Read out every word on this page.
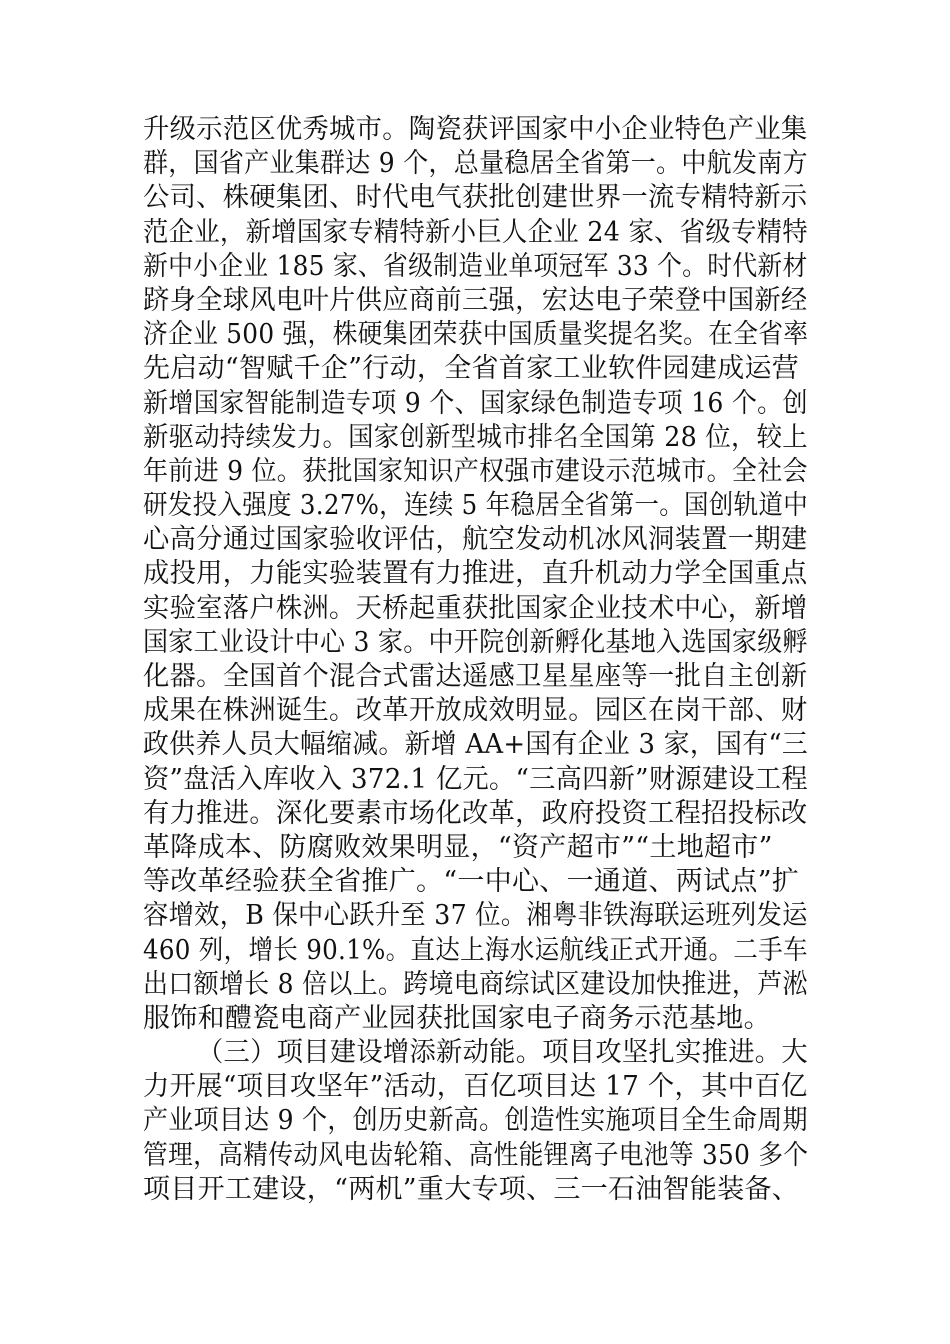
升级示范区优秀城市。陶瓷获评国家中小企业特色产业集
群，国省产业集群达 9 个，总量稳居全省第一。中航发南方
公司、株硬集团、时代电气获批创建世界一流专精特新示
范企业，新增国家专精特新小巨人企业 24 家、省级专精特
新中小企业 185 家、省级制造业单项冠军 33 个。时代新材
跻身全球风电叶片供应商前三强，宏达电子荣登中国新经
济企业 500 强，株硬集团荣获中国质量奖提名奖。在全省率
先启动“智赋千企”行动，全省首家工业软件园建成运营
新增国家智能制造专项 9 个、国家绿色制造专项 16 个。创
新驱动持续发力。国家创新型城市排名全国第 28 位，较上
年前进 9 位。获批国家知识产权强市建设示范城市。全社会
研发投入强度 3.27%，连续 5 年稳居全省第一。国创轨道中
心高分通过国家验收评估，航空发动机冰风洞装置一期建
成投用，力能实验装置有力推进，直升机动力学全国重点
实验室落户株洲。天桥起重获批国家企业技术中心，新增
国家工业设计中心 3 家。中开院创新孵化基地入选国家级孵
化器。全国首个混合式雷达遥感卫星星座等一批自主创新
成果在株洲诞生。改革开放成效明显。园区在岗干部、财
政供养人员大幅缩减。新增 AA+国有企业 3 家，国有“三
资”盘活入库收入 372.1 亿元。“三高四新”财源建设工程
有力推进。深化要素市场化改革，政府投资工程招投标改
革降成本、防腐败效果明显，“资产超市”“土地超市”
等改革经验获全省推广。“一中心、一通道、两试点”扩
容增效，B 保中心跃升至 37 位。湘粤非铁海联运班列发运
460 列，增长 90.1%。直达上海水运航线正式开通。二手车
出口额增长 8 倍以上。跨境电商综试区建设加快推进，芦淞
服饰和醴瓷电商产业园获批国家电子商务示范基地。
（三）项目建设增添新动能。项目攻坚扎实推进。大
力开展“项目攻坚年”活动，百亿项目达 17 个，其中百亿
产业项目达 9 个，创历史新高。创造性实施项目全生命周期
管理，高精传动风电齿轮箱、高性能锂离子电池等 350 多个
项目开工建设，“两机”重大专项、三一石油智能装备、
